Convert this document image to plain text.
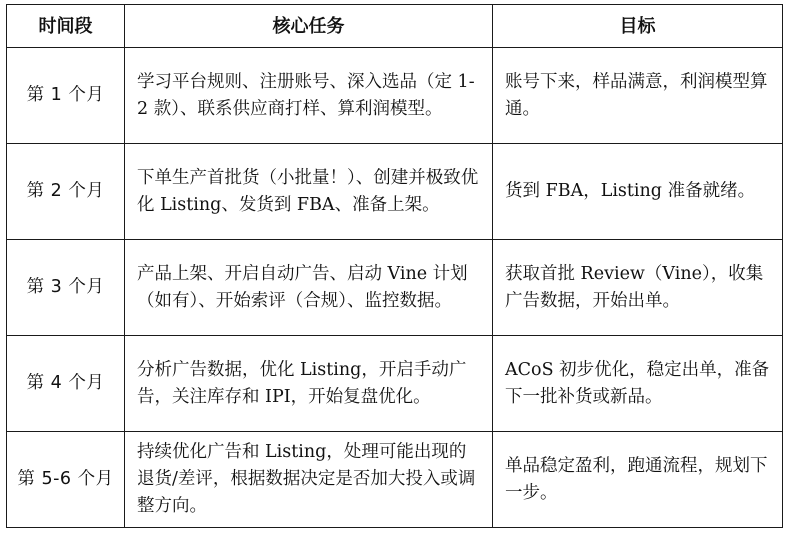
时间段	核心任务	目标
第 1 个月	学习平台规则、注册账号、深入选品（定 1-2 款）、联系供应商打样、算利润模型。	账号下来，样品满意，利润模型算通。
第 2 个月	下单生产首批货（小批量！）、创建并极致优化 Listing、发货到 FBA、准备上架。	货到 FBA，Listing 准备就绪。
第 3 个月	产品上架、开启自动广告、启动 Vine 计划（如有）、开始索评（合规）、监控数据。	获取首批 Review（Vine），收集广告数据，开始出单。
第 4 个月	分析广告数据，优化 Listing，开启手动广告，关注库存和 IPI，开始复盘优化。	ACoS 初步优化，稳定出单，准备下一批补货或新品。
第 5-6 个月	持续优化广告和 Listing，处理可能出现的退货/差评，根据数据决定是否加大投入或调整方向。	单品稳定盈利，跑通流程，规划下一步。
